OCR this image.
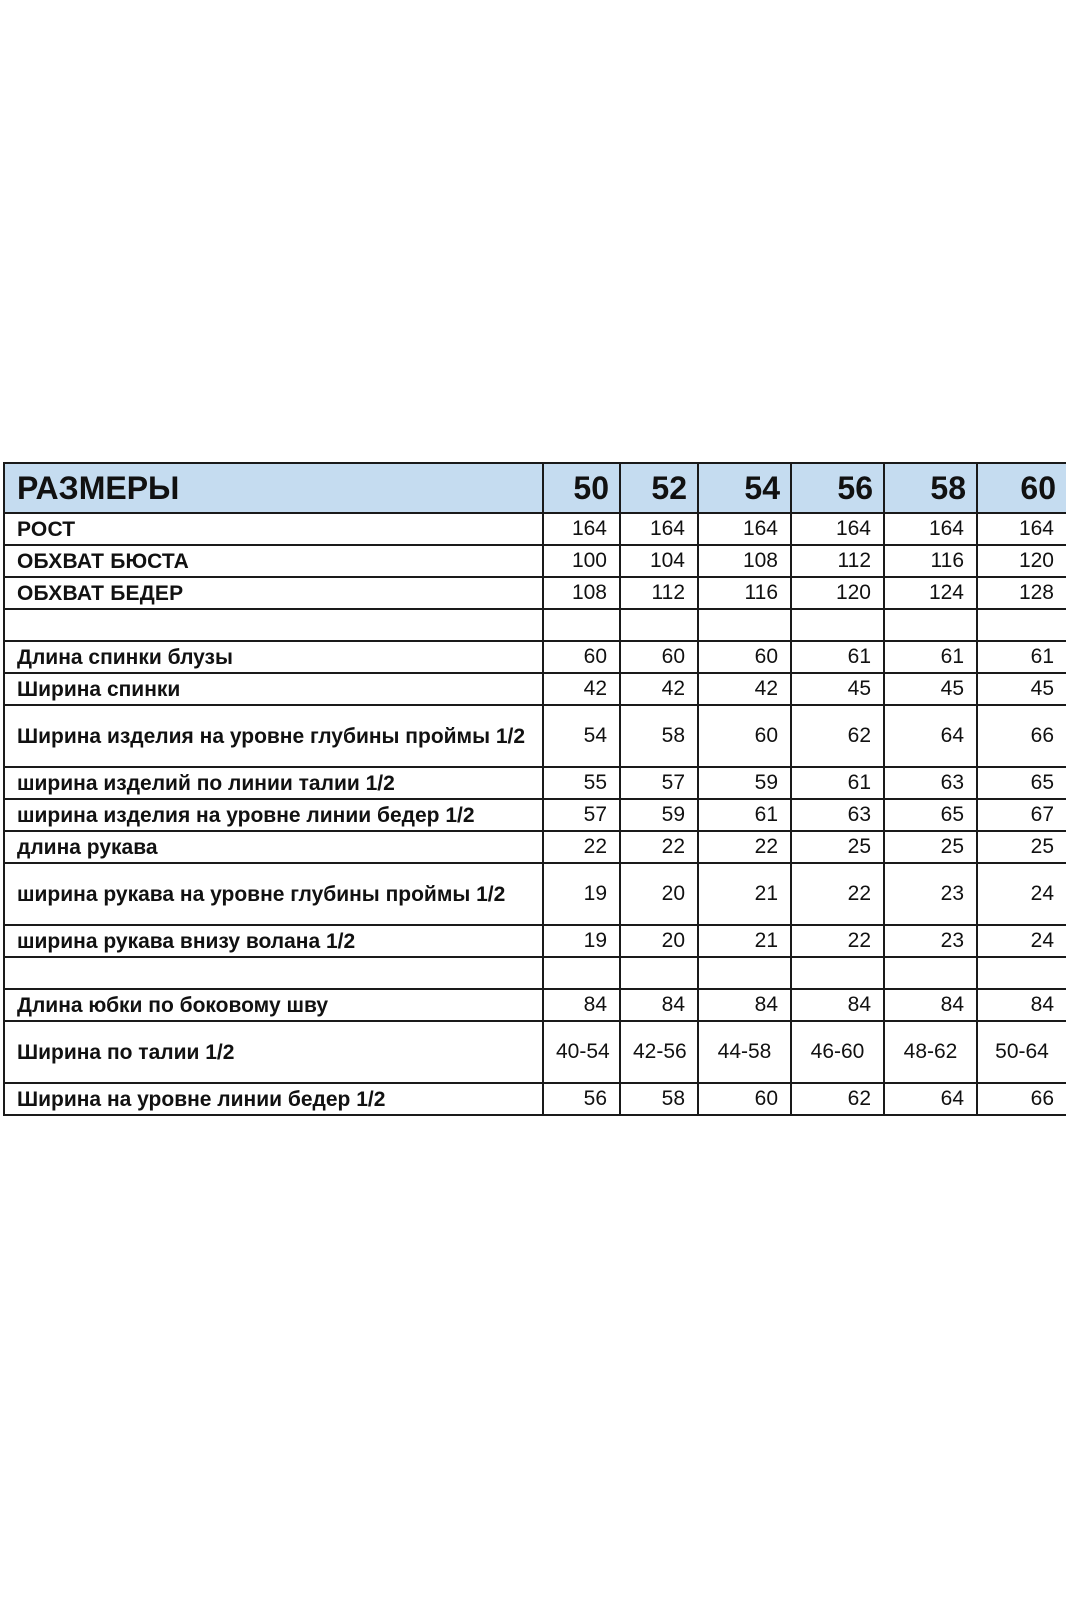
РАЗМЕРЫ	50	52	54	56	58	60
РОСТ	164	164	164	164	164	164
ОБХВАТ БЮСТА	100	104	108	112	116	120
ОБХВАТ БЕДЕР	108	112	116	120	124	128

Длина спинки блузы	60	60	60	61	61	61
Ширина спинки	42	42	42	45	45	45
Ширина изделия на уровне глубины проймы 1/2	54	58	60	62	64	66
ширина изделий по линии талии 1/2	55	57	59	61	63	65
ширина изделия на уровне линии бедер 1/2	57	59	61	63	65	67
длина рукава	22	22	22	25	25	25
ширина рукава на уровне глубины проймы 1/2	19	20	21	22	23	24
ширина рукава внизу волана 1/2	19	20	21	22	23	24

Длина юбки по боковому шву	84	84	84	84	84	84
Ширина по талии 1/2	40-54	42-56	44-58	46-60	48-62	50-64
Ширина на уровне линии бедер 1/2	56	58	60	62	64	66
